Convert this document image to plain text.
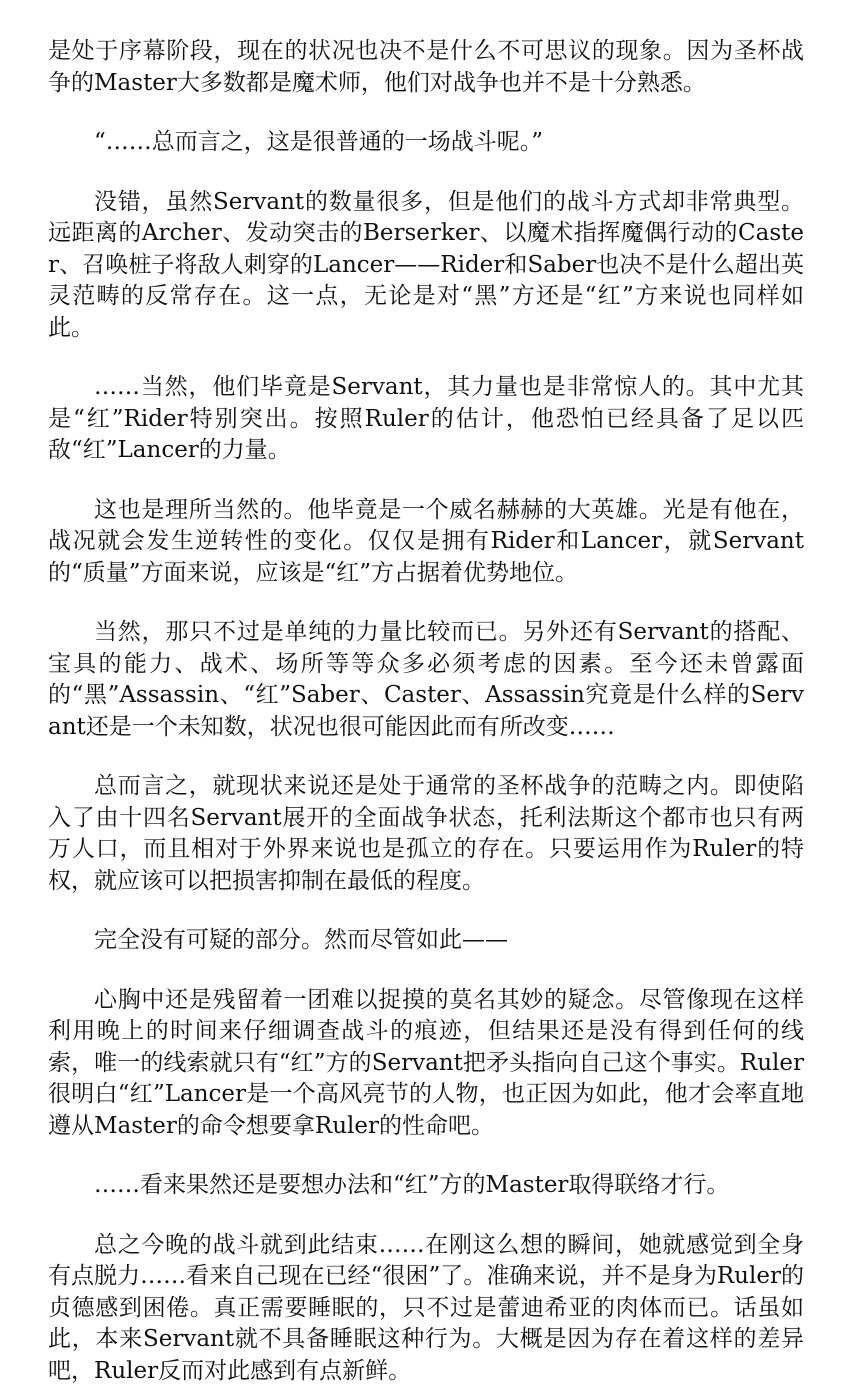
是处于序幕阶段，现在的状况也决不是什么不可思议的现象。因为圣杯战争的Master大多数都是魔术师，他们对战争也并不是十分熟悉。

“……总而言之，这是很普通的一场战斗呢。”

没错，虽然Servant的数量很多，但是他们的战斗方式却非常典型。远距离的Archer、发动突击的Berserker、以魔术指挥魔偶行动的Caster、召唤桩子将敌人刺穿的Lancer——Rider和Saber也决不是什么超出英灵范畴的反常存在。这一点，无论是对“黑”方还是“红”方来说也同样如此。

……当然，他们毕竟是Servant，其力量也是非常惊人的。其中尤其是“红”Rider特别突出。按照Ruler的估计，他恐怕已经具备了足以匹敌“红”Lancer的力量。

这也是理所当然的。他毕竟是一个威名赫赫的大英雄。光是有他在，战况就会发生逆转性的变化。仅仅是拥有Rider和Lancer，就Servant的“质量”方面来说，应该是“红”方占据着优势地位。

当然，那只不过是单纯的力量比较而已。另外还有Servant的搭配、宝具的能力、战术、场所等等众多必须考虑的因素。至今还未曾露面的“黑”Assassin、“红”Saber、Caster、Assassin究竟是什么样的Servant还是一个未知数，状况也很可能因此而有所改变……

总而言之，就现状来说还是处于通常的圣杯战争的范畴之内。即使陷入了由十四名Servant展开的全面战争状态，托利法斯这个都市也只有两万人口，而且相对于外界来说也是孤立的存在。只要运用作为Ruler的特权，就应该可以把损害抑制在最低的程度。

完全没有可疑的部分。然而尽管如此——

心胸中还是残留着一团难以捉摸的莫名其妙的疑念。尽管像现在这样利用晚上的时间来仔细调查战斗的痕迹，但结果还是没有得到任何的线索，唯一的线索就只有“红”方的Servant把矛头指向自己这个事实。Ruler很明白“红”Lancer是一个高风亮节的人物，也正因为如此，他才会率直地遵从Master的命令想要拿Ruler的性命吧。

……看来果然还是要想办法和“红”方的Master取得联络才行。

总之今晚的战斗就到此结束……在刚这么想的瞬间，她就感觉到全身有点脱力……看来自己现在已经“很困”了。准确来说，并不是身为Ruler的贞德感到困倦。真正需要睡眠的，只不过是蕾迪希亚的肉体而已。话虽如此，本来Servant就不具备睡眠这种行为。大概是因为存在着这样的差异吧，Ruler反而对此感到有点新鲜。
